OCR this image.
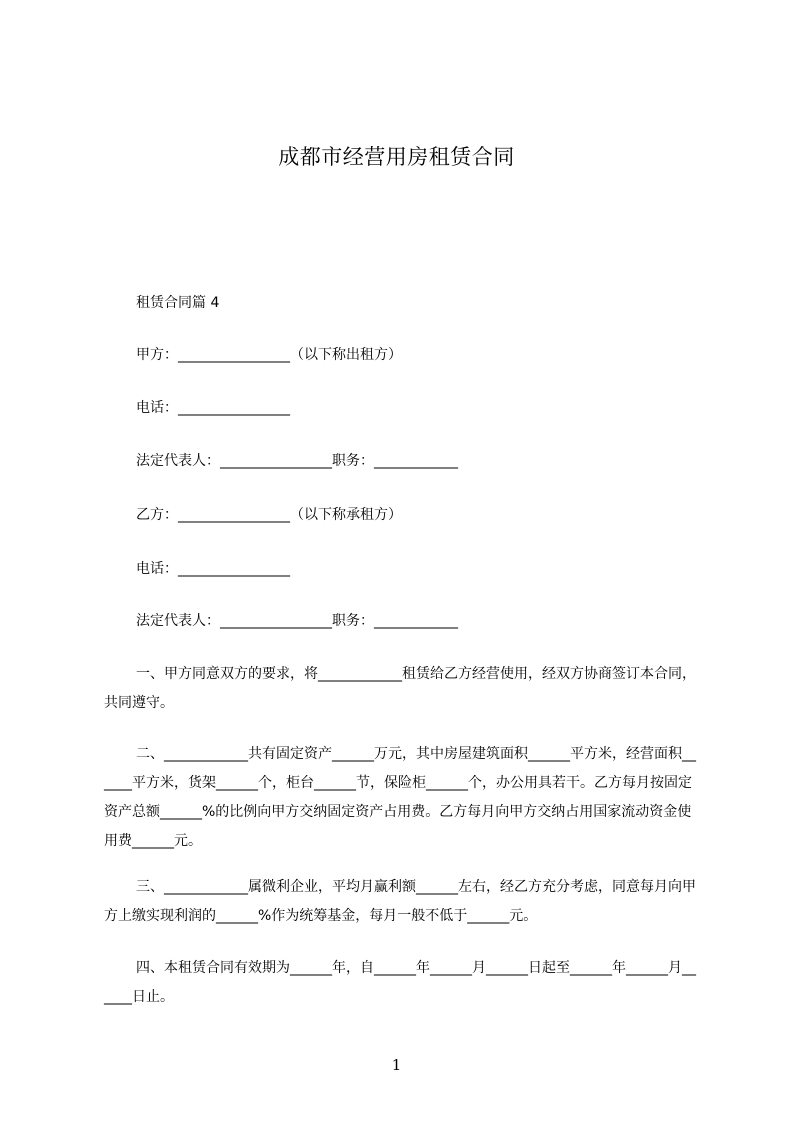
成都市经营用房租赁合同
租赁合同篇 4
甲方：________________（以下称出租方）
电话：________________
法定代表人：________________职务：____________
乙方：________________（以下称承租方）
电话：________________
法定代表人：________________职务：____________
一、甲方同意双方的要求，将____________租赁给乙方经营使用，经双方协商签订本合同，共同遵守。
二、____________共有固定资产______万元，其中房屋建筑面积______平方米，经营面积______平方米，货架______个，柜台______节，保险柜______个，办公用具若干。乙方每月按固定资产总额______%的比例向甲方交纳固定资产占用费。乙方每月向甲方交纳占用国家流动资金使用费______元。
三、____________属微利企业，平均月赢利额______左右，经乙方充分考虑，同意每月向甲方上缴实现利润的______%作为统筹基金，每月一般不低于______元。
四、本租赁合同有效期为______年，自______年______月______日起至______年______月______日止。
1
